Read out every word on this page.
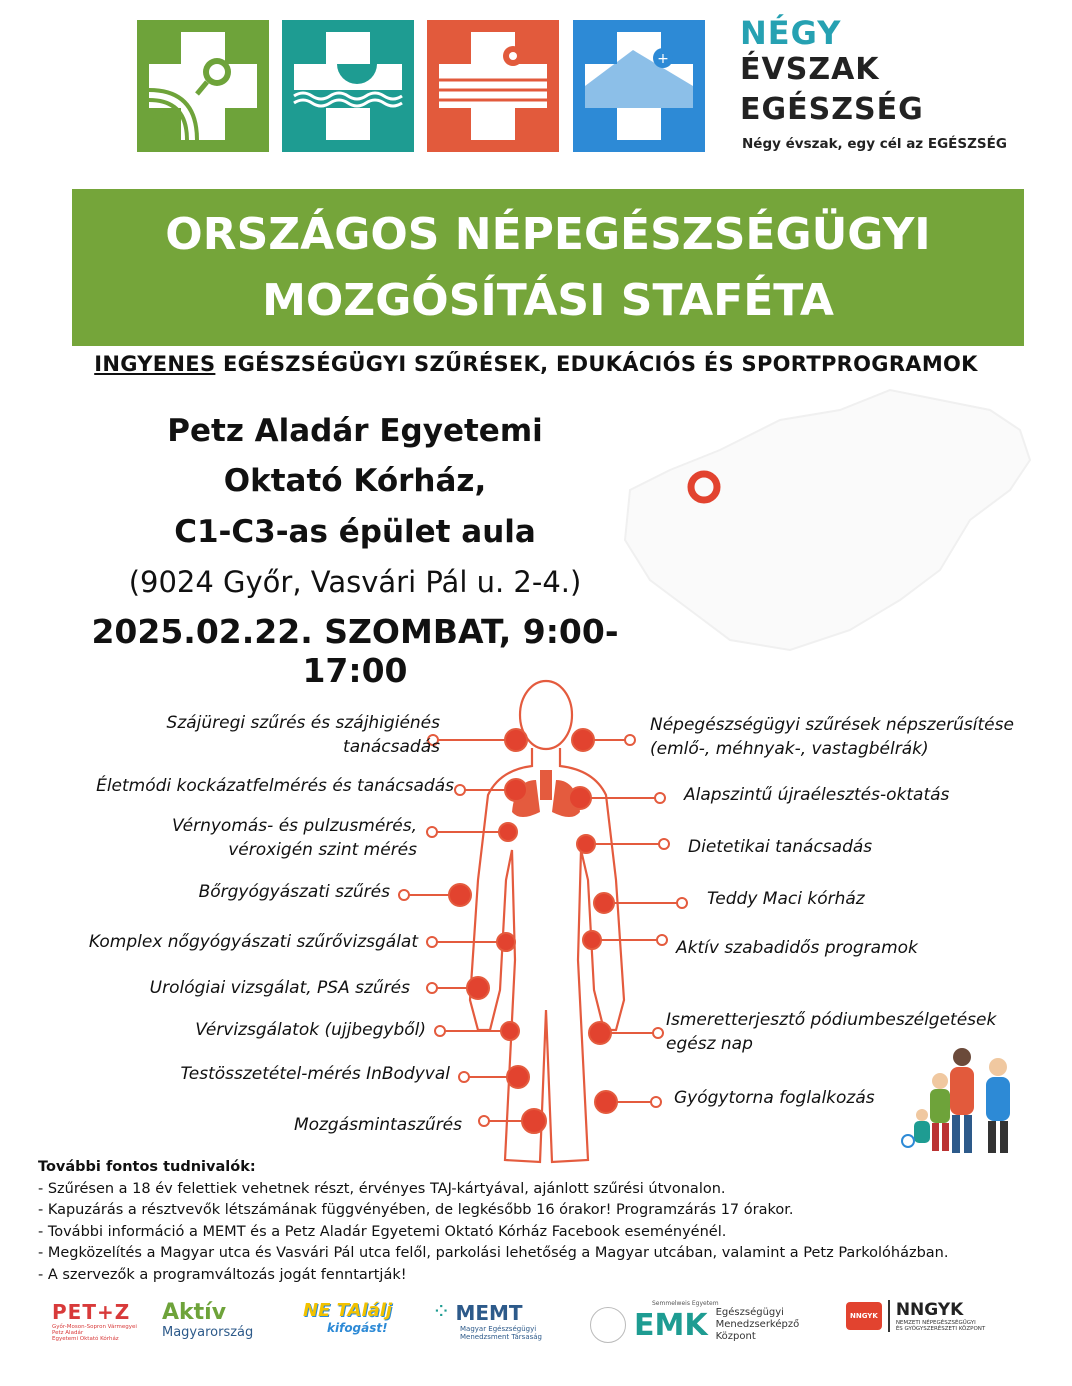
+
NÉGY
ÉVSZAK
EGÉSZSÉG
Négy évszak, egy cél az EGÉSZSÉG
ORSZÁGOS NÉPEGÉSZSÉGÜGYI
MOZGÓSÍTÁSI STAFÉTA
INGYENES EGÉSZSÉGÜGYI SZŰRÉSEK, EDUKÁCIÓS ÉS SPORTPROGRAMOK
Petz Aladár Egyetemi
Oktató Kórház,
C1-C3-as épület aula
(9024 Győr, Vasvári Pál u. 2-4.)
2025.02.22. SZOMBAT, 9:00-17:00
Szájüregi szűrés és szájhigiénés
tanácsadás
Életmódi kockázatfelmérés és tanácsadás
Vérnyomás- és pulzusmérés,
véroxigén szint mérés
Bőrgyógyászati szűrés
Komplex nőgyógyászati szűrővizsgálat
Urológiai vizsgálat, PSA szűrés
Vérvizsgálatok (ujjbegyből)
Testösszetétel-mérés InBodyval
Mozgásmintaszűrés
Népegészségügyi szűrések népszerűsítése
(emlő-, méhnyak-, vastagbélrák)
Alapszintű újraélesztés-oktatás
Dietetikai tanácsadás
Teddy Maci kórház
Aktív szabadidős programok
Ismeretterjesztő pódiumbeszélgetések
egész nap
Gyógytorna foglalkozás
További fontos tudnivalók:
- Szűrésen a 18 év felettiek vehetnek részt, érvényes TAJ-kártyával, ajánlott szűrési útvonalon.
- Kapuzárás a résztvevők létszámának függvényében, de legkésőbb 16 órakor! Programzárás 17 órakor.
- További információ a MEMT és a Petz Aladár Egyetemi Oktató Kórház Facebook eseményénél.
- Megközelítés a Magyar utca és Vasvári Pál utca felől, parkolási lehetőség a Magyar utcában, valamint a Petz Parkolóházban.
- A szervezők a programváltozás jogát fenntartják!
PET+Z
Győr-Moson-Sopron Vármegyei
Petz Aladár
Egyetemi Oktató Kórház
Aktív
Magyarország
NE TAlálj
kifogást!
⁘ MEMT
Magyar Egészségügyi
Menedzsment Társaság
Semmelweis Egyetem
EMK Egészségügyi
Menedzserképző
Központ
NNGYK NNGYK
NEMZETI NÉPEGÉSZSÉGÜGYI
ÉS GYÓGYSZERÉSZETI KÖZPONT
